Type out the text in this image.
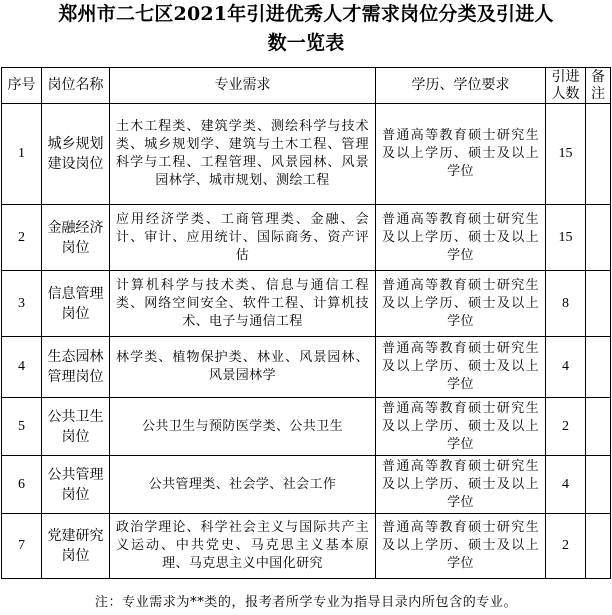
郑州市二七区2021年引进优秀人才需求岗位分类及引进人
数一览表
序号	岗位名称	专业需求	学历、学位要求	引进人数	备注
1	城乡规划建设岗位	土木工程类、建筑学类、测绘科学与技术类、城乡规划学、建筑与土木工程、管理科学与工程、工程管理、风景园林、风景园林学、城市规划、测绘工程	普通高等教育硕士研究生及以上学历、硕士及以上学位	15	
2	金融经济岗位	应用经济学类、工商管理类、金融、会计、审计、应用统计、国际商务、资产评估	普通高等教育硕士研究生及以上学历、硕士及以上学位	15	
3	信息管理岗位	计算机科学与技术类、信息与通信工程类、网络空间安全、软件工程、计算机技术、电子与通信工程	普通高等教育硕士研究生及以上学历、硕士及以上学位	8	
4	生态园林管理岗位	林学类、植物保护类、林业、风景园林、风景园林学	普通高等教育硕士研究生及以上学历、硕士及以上学位	4	
5	公共卫生岗位	公共卫生与预防医学类、公共卫生	普通高等教育硕士研究生及以上学历、硕士及以上学位	2	
6	公共管理岗位	公共管理类、社会学、社会工作	普通高等教育硕士研究生及以上学历、硕士及以上学位	4	
7	党建研究岗位	政治学理论、科学社会主义与国际共产主义运动、中共党史、马克思主义基本原理、马克思主义中国化研究	普通高等教育硕士研究生及以上学历、硕士及以上学位	2	
注：专业需求为**类的，报考者所学专业为指导目录内所包含的专业。
